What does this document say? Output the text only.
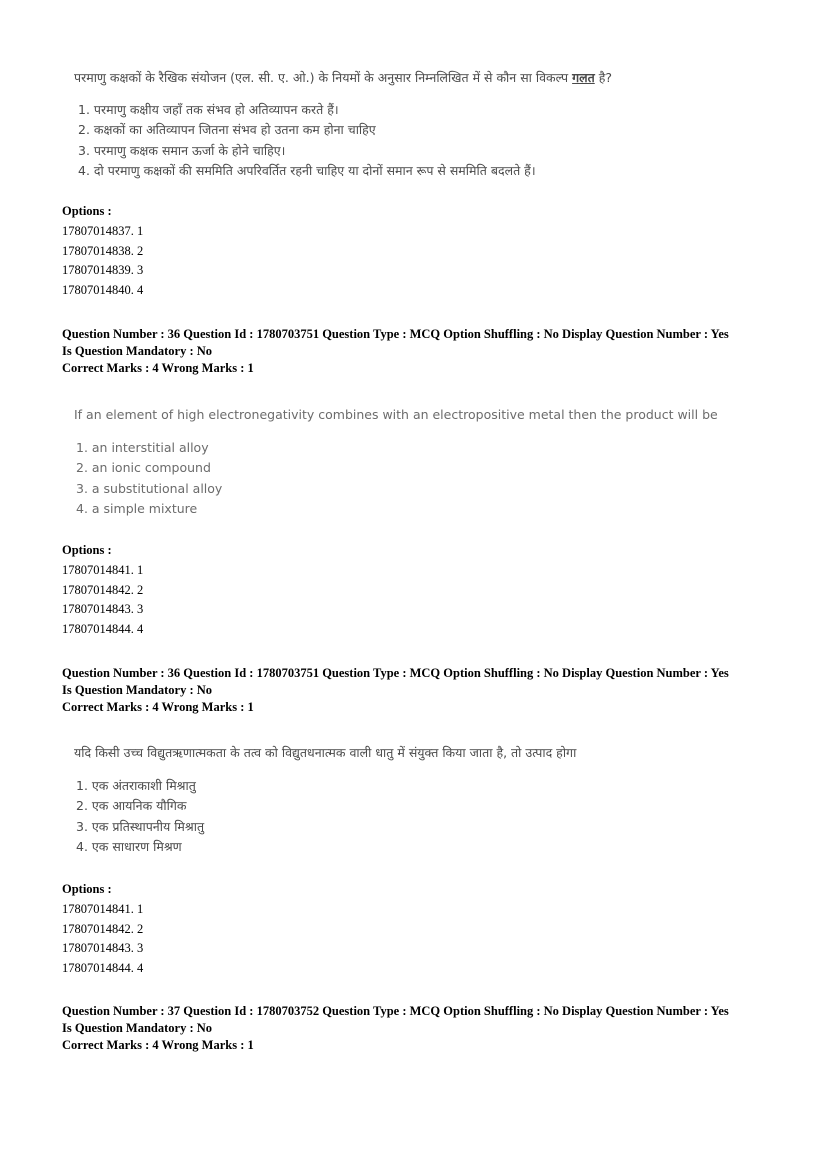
परमाणु कक्षकों के रैखिक संयोजन (एल. सी. ए. ओ.) के नियमों के अनुसार निम्नलिखित में से कौन सा विकल्प गलत है?
1. परमाणु कक्षीय जहाँ तक संभव हो अतिव्यापन करते हैं।
2. कक्षकों का अतिव्यापन जितना संभव हो उतना कम होना चाहिए
3. परमाणु कक्षक समान ऊर्जा के होने चाहिए।
4. दो परमाणु कक्षकों की सममिति अपरिवर्तित रहनी चाहिए या दोनों समान रूप से सममिति बदलते हैं।
Options :
17807014837. 1
17807014838. 2
17807014839. 3
17807014840. 4
Question Number : 36 Question Id : 1780703751 Question Type : MCQ Option Shuffling : No Display Question Number : Yes
Is Question Mandatory : No
Correct Marks : 4 Wrong Marks : 1
If an element of high electronegativity combines with an electropositive metal then the product will be
1. an interstitial alloy
2. an ionic compound
3. a substitutional alloy
4. a simple mixture
Options :
17807014841. 1
17807014842. 2
17807014843. 3
17807014844. 4
Question Number : 36 Question Id : 1780703751 Question Type : MCQ Option Shuffling : No Display Question Number : Yes
Is Question Mandatory : No
Correct Marks : 4 Wrong Marks : 1
यदि किसी उच्च विद्युतऋणात्मकता के तत्व को विद्युतधनात्मक वाली धातु में संयुक्त किया जाता है, तो उत्पाद होगा
1. एक अंतराकाशी मिश्रातु
2. एक आयनिक यौगिक
3. एक प्रतिस्थापनीय मिश्रातु
4. एक साधारण मिश्रण
Options :
17807014841. 1
17807014842. 2
17807014843. 3
17807014844. 4
Question Number : 37 Question Id : 1780703752 Question Type : MCQ Option Shuffling : No Display Question Number : Yes
Is Question Mandatory : No
Correct Marks : 4 Wrong Marks : 1
